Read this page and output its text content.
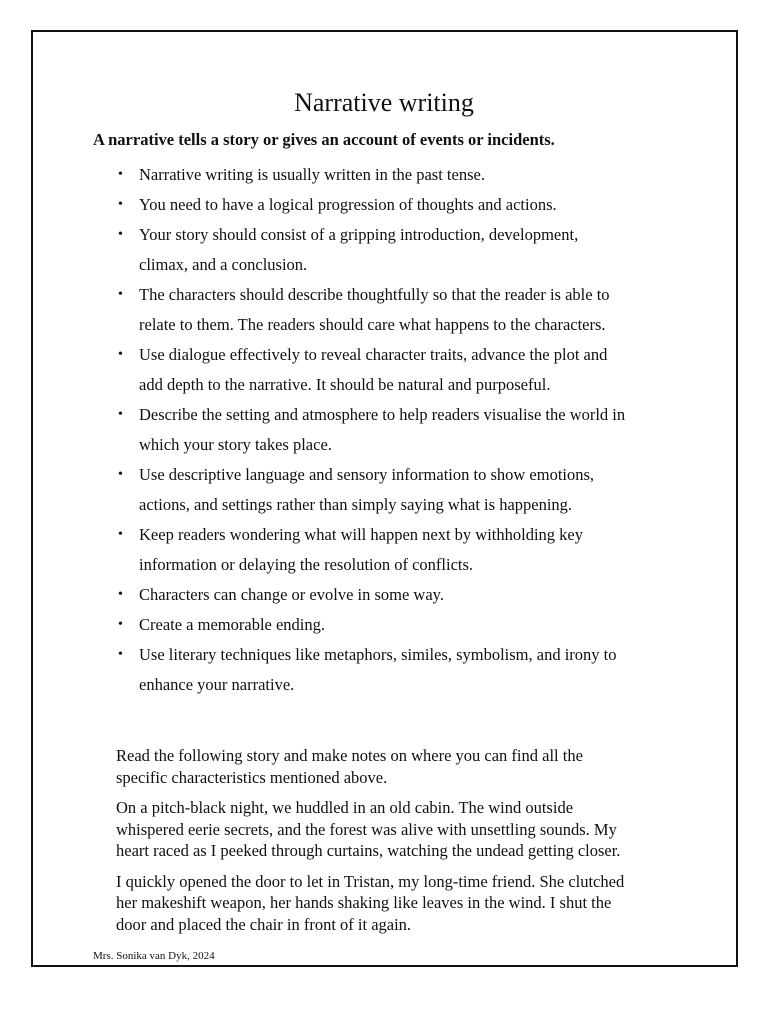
Narrative writing
A narrative tells a story or gives an account of events or incidents.
• Narrative writing is usually written in the past tense.
• You need to have a logical progression of thoughts and actions.
• Your story should consist of a gripping introduction, development,
climax, and a conclusion.
• The characters should describe thoughtfully so that the reader is able to
relate to them. The readers should care what happens to the characters.
• Use dialogue effectively to reveal character traits, advance the plot and
add depth to the narrative. It should be natural and purposeful.
• Describe the setting and atmosphere to help readers visualise the world in
which your story takes place.
• Use descriptive language and sensory information to show emotions,
actions, and settings rather than simply saying what is happening.
• Keep readers wondering what will happen next by withholding key
information or delaying the resolution of conflicts.
• Characters can change or evolve in some way.
• Create a memorable ending.
• Use literary techniques like metaphors, similes, symbolism, and irony to
enhance your narrative.

Read the following story and make notes on where you can find all the
specific characteristics mentioned above.

On a pitch-black night, we huddled in an old cabin. The wind outside
whispered eerie secrets, and the forest was alive with unsettling sounds. My
heart raced as I peeked through curtains, watching the undead getting closer.

I quickly opened the door to let in Tristan, my long-time friend. She clutched
her makeshift weapon, her hands shaking like leaves in the wind. I shut the
door and placed the chair in front of it again.

Mrs. Sonika van Dyk, 2024
